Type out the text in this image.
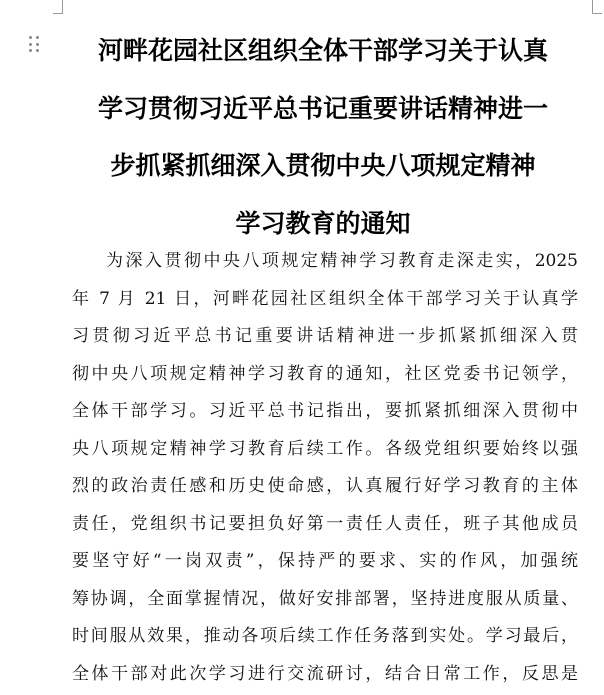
河畔花园社区组织全体干部学习关于认真
学习贯彻习近平总书记重要讲话精神进一
步抓紧抓细深入贯彻中央八项规定精神
学习教育的通知
为深入贯彻中央八项规定精神学习教育走深走实，2025
年 7 月 21 日，河畔花园社区组织全体干部学习关于认真学
习贯彻习近平总书记重要讲话精神进一步抓紧抓细深入贯
彻中央八项规定精神学习教育的通知，社区党委书记领学，
全体干部学习。习近平总书记指出，要抓紧抓细深入贯彻中
央八项规定精神学习教育后续工作。各级党组织要始终以强
烈的政治责任感和历史使命感，认真履行好学习教育的主体
责任，党组织书记要担负好第一责任人责任，班子其他成员
要坚守好“一岗双责”，保持严的要求、实的作风，加强统
筹协调，全面掌握情况，做好安排部署，坚持进度服从质量、
时间服从效果，推动各项后续工作任务落到实处。学习最后，
全体干部对此次学习进行交流研讨，结合日常工作，反思是
